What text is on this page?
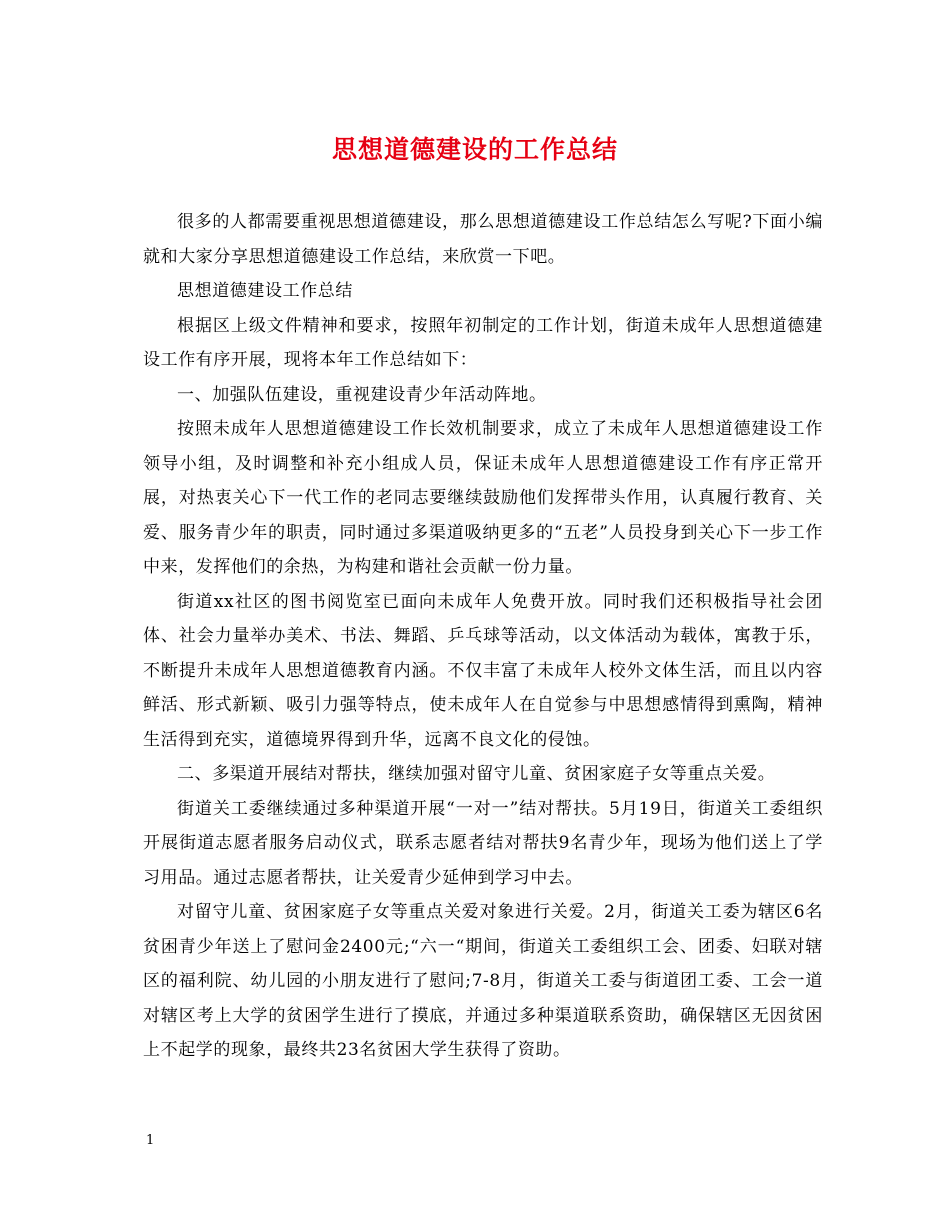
思想道德建设的工作总结

很多的人都需要重视思想道德建设，那么思想道德建设工作总结怎么写呢?下面小编就和大家分享思想道德建设工作总结，来欣赏一下吧。

思想道德建设工作总结

根据区上级文件精神和要求，按照年初制定的工作计划，街道未成年人思想道德建设工作有序开展，现将本年工作总结如下：

一、加强队伍建设，重视建设青少年活动阵地。

按照未成年人思想道德建设工作长效机制要求，成立了未成年人思想道德建设工作领导小组，及时调整和补充小组成人员，保证未成年人思想道德建设工作有序正常开展，对热衷关心下一代工作的老同志要继续鼓励他们发挥带头作用，认真履行教育、关爱、服务青少年的职责，同时通过多渠道吸纳更多的“五老”人员投身到关心下一步工作中来，发挥他们的余热，为构建和谐社会贡献一份力量。

街道xx社区的图书阅览室已面向未成年人免费开放。同时我们还积极指导社会团体、社会力量举办美术、书法、舞蹈、乒乓球等活动，以文体活动为载体，寓教于乐，不断提升未成年人思想道德教育内涵。不仅丰富了未成年人校外文体生活，而且以内容鲜活、形式新颖、吸引力强等特点，使未成年人在自觉参与中思想感情得到熏陶，精神生活得到充实，道德境界得到升华，远离不良文化的侵蚀。

二、多渠道开展结对帮扶，继续加强对留守儿童、贫困家庭子女等重点关爱。

街道关工委继续通过多种渠道开展“一对一”结对帮扶。5月19日，街道关工委组织开展街道志愿者服务启动仪式，联系志愿者结对帮扶9名青少年，现场为他们送上了学习用品。通过志愿者帮扶，让关爱青少延伸到学习中去。

对留守儿童、贫困家庭子女等重点关爱对象进行关爱。2月，街道关工委为辖区6名贫困青少年送上了慰问金2400元;“六一“期间，街道关工委组织工会、团委、妇联对辖区的福利院、幼儿园的小朋友进行了慰问;7-8月，街道关工委与街道团工委、工会一道对辖区考上大学的贫困学生进行了摸底，并通过多种渠道联系资助，确保辖区无因贫困上不起学的现象，最终共23名贫困大学生获得了资助。

1
